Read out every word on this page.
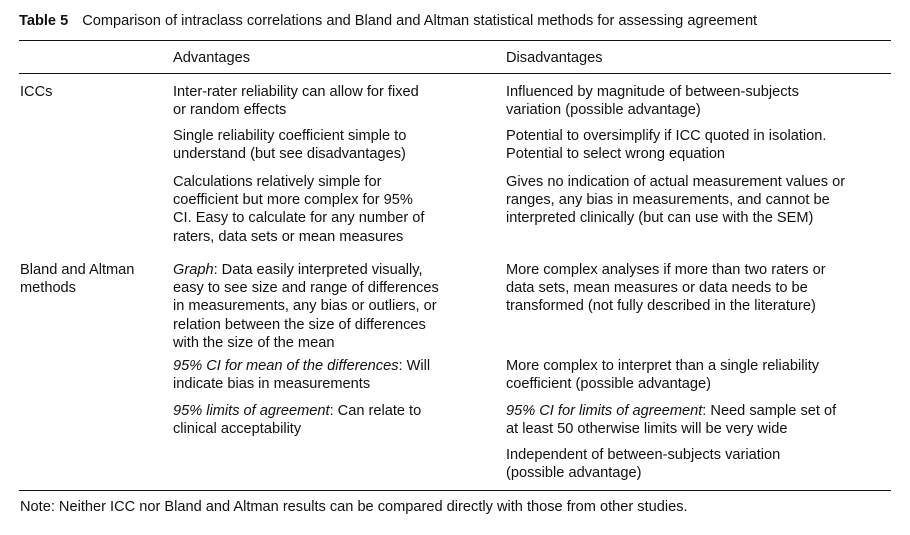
Table 5 Comparison of intraclass correlations and Bland and Altman statistical methods for assessing agreement
Advantages	Disadvantages
ICCs	Inter-rater reliability can allow for fixed
or random effects
Single reliability coefficient simple to
understand (but see disadvantages)
Calculations relatively simple for
coefficient but more complex for 95%
CI. Easy to calculate for any number of
raters, data sets or mean measures
Influenced by magnitude of between-subjects
variation (possible advantage)
Potential to oversimplify if ICC quoted in isolation.
Potential to select wrong equation
Gives no indication of actual measurement values or
ranges, any bias in measurements, and cannot be
interpreted clinically (but can use with the SEM)
Bland and Altman
methods
Graph: Data easily interpreted visually,
easy to see size and range of differences
in measurements, any bias or outliers, or
relation between the size of differences
with the size of the mean
95% CI for mean of the differences: Will
indicate bias in measurements
95% limits of agreement: Can relate to
clinical acceptability
More complex analyses if more than two raters or
data sets, mean measures or data needs to be
transformed (not fully described in the literature)
More complex to interpret than a single reliability
coefficient (possible advantage)
95% CI for limits of agreement: Need sample set of
at least 50 otherwise limits will be very wide
Independent of between-subjects variation
(possible advantage)
Note: Neither ICC nor Bland and Altman results can be compared directly with those from other studies.
